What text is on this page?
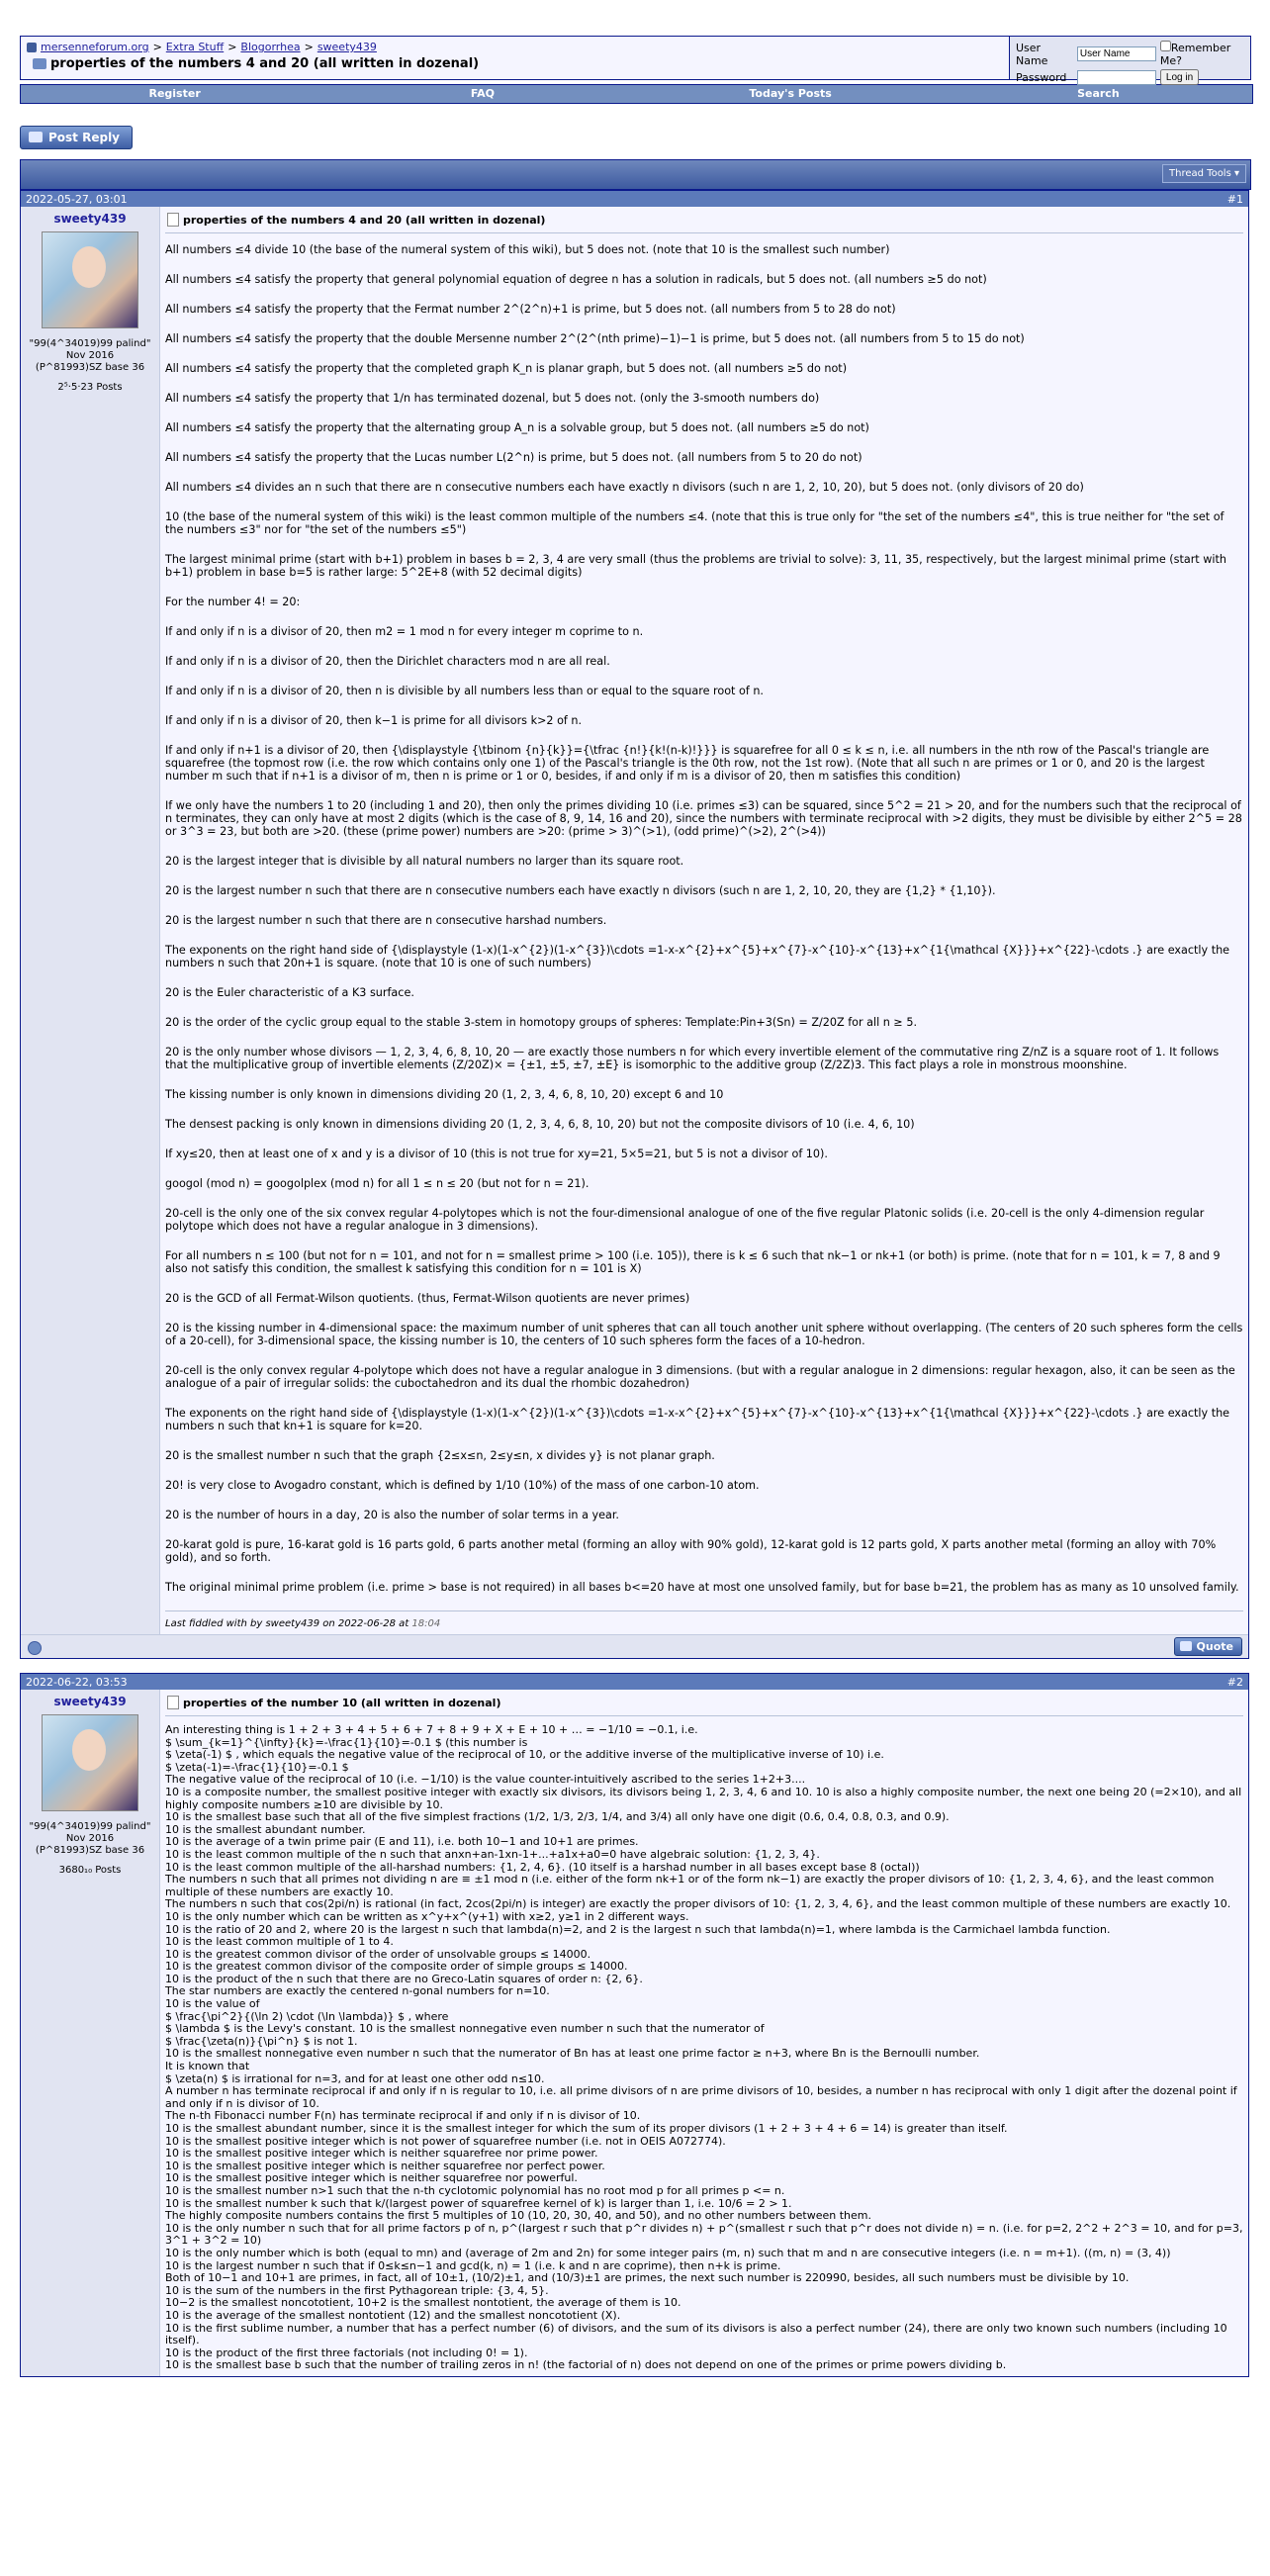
mersenneforum.org > Extra Stuff > Blogorrhea > sweety439
properties of the numbers 4 and 20 (all written in dozenal)
User Name	User Name	Remember Me?
Password		Log in
Register	FAQ	Today's Posts	Search
Post Reply
Thread Tools ▾
2022-05-27, 03:01	#1
sweety439
"99(4^34019)99 palind"
Nov 2016
(P^81993)SZ base 36
2⁵·5·23 Posts
properties of the numbers 4 and 20 (all written in dozenal)

All numbers ≤4 divide 10 (the base of the numeral system of this wiki), but 5 does not. (note that 10 is the smallest such number)

All numbers ≤4 satisfy the property that general polynomial equation of degree n has a solution in radicals, but 5 does not. (all numbers ≥5 do not)

All numbers ≤4 satisfy the property that the Fermat number 2^(2^n)+1 is prime, but 5 does not. (all numbers from 5 to 28 do not)

All numbers ≤4 satisfy the property that the double Mersenne number 2^(2^(nth prime)−1)−1 is prime, but 5 does not. (all numbers from 5 to 15 do not)

All numbers ≤4 satisfy the property that the completed graph K_n is planar graph, but 5 does not. (all numbers ≥5 do not)

All numbers ≤4 satisfy the property that 1/n has terminated dozenal, but 5 does not. (only the 3-smooth numbers do)

All numbers ≤4 satisfy the property that the alternating group A_n is a solvable group, but 5 does not. (all numbers ≥5 do not)

All numbers ≤4 satisfy the property that the Lucas number L(2^n) is prime, but 5 does not. (all numbers from 5 to 20 do not)

All numbers ≤4 divides an n such that there are n consecutive numbers each have exactly n divisors (such n are 1, 2, 10, 20), but 5 does not. (only divisors of 20 do)

10 (the base of the numeral system of this wiki) is the least common multiple of the numbers ≤4. (note that this is true only for "the set of the numbers ≤4", this is true neither for "the set of the numbers ≤3" nor for "the set of the numbers ≤5")

The largest minimal prime (start with b+1) problem in bases b = 2, 3, 4 are very small (thus the problems are trivial to solve): 3, 11, 35, respectively, but the largest minimal prime (start with b+1) problem in base b=5 is rather large: 5^2E+8 (with 52 decimal digits)

For the number 4! = 20:

If and only if n is a divisor of 20, then m2 = 1 mod n for every integer m coprime to n.

If and only if n is a divisor of 20, then the Dirichlet characters mod n are all real.

If and only if n is a divisor of 20, then n is divisible by all numbers less than or equal to the square root of n.

If and only if n is a divisor of 20, then k−1 is prime for all divisors k>2 of n.

If and only if n+1 is a divisor of 20, then {\displaystyle {\tbinom {n}{k}}={\tfrac {n!}{k!(n-k)!}}} is squarefree for all 0 ≤ k ≤ n, i.e. all numbers in the nth row of the Pascal's triangle are squarefree (the topmost row (i.e. the row which contains only one 1) of the Pascal's triangle is the 0th row, not the 1st row). (Note that all such n are primes or 1 or 0, and 20 is the largest number m such that if n+1 is a divisor of m, then n is prime or 1 or 0, besides, if and only if m is a divisor of 20, then m satisfies this condition)

If we only have the numbers 1 to 20 (including 1 and 20), then only the primes dividing 10 (i.e. primes ≤3) can be squared, since 5^2 = 21 > 20, and for the numbers such that the reciprocal of n terminates, they can only have at most 2 digits (which is the case of 8, 9, 14, 16 and 20), since the numbers with terminate reciprocal with >2 digits, they must be divisible by either 2^5 = 28 or 3^3 = 23, but both are >20. (these (prime power) numbers are >20: (prime > 3)^(>1), (odd prime)^(>2), 2^(>4))

20 is the largest integer that is divisible by all natural numbers no larger than its square root.

20 is the largest number n such that there are n consecutive numbers each have exactly n divisors (such n are 1, 2, 10, 20, they are {1,2} * {1,10}).

20 is the largest number n such that there are n consecutive harshad numbers.

The exponents on the right hand side of {\displaystyle (1-x)(1-x^{2})(1-x^{3})\cdots =1-x-x^{2}+x^{5}+x^{7}-x^{10}-x^{13}+x^{1{\mathcal {X}}}+x^{22}-\cdots .} are exactly the numbers n such that 20n+1 is square. (note that 10 is one of such numbers)

20 is the Euler characteristic of a K3 surface.

20 is the order of the cyclic group equal to the stable 3-stem in homotopy groups of spheres: Template:Pin+3(Sn) = Z/20Z for all n ≥ 5.

20 is the only number whose divisors — 1, 2, 3, 4, 6, 8, 10, 20 — are exactly those numbers n for which every invertible element of the commutative ring Z/nZ is a square root of 1. It follows that the multiplicative group of invertible elements (Z/20Z)× = {±1, ±5, ±7, ±E} is isomorphic to the additive group (Z/2Z)3. This fact plays a role in monstrous moonshine.

The kissing number is only known in dimensions dividing 20 (1, 2, 3, 4, 6, 8, 10, 20) except 6 and 10

The densest packing is only known in dimensions dividing 20 (1, 2, 3, 4, 6, 8, 10, 20) but not the composite divisors of 10 (i.e. 4, 6, 10)

If xy≤20, then at least one of x and y is a divisor of 10 (this is not true for xy=21, 5×5=21, but 5 is not a divisor of 10).

googol (mod n) = googolplex (mod n) for all 1 ≤ n ≤ 20 (but not for n = 21).

20-cell is the only one of the six convex regular 4-polytopes which is not the four-dimensional analogue of one of the five regular Platonic solids (i.e. 20-cell is the only 4-dimension regular polytope which does not have a regular analogue in 3 dimensions).

For all numbers n ≤ 100 (but not for n = 101, and not for n = smallest prime > 100 (i.e. 105)), there is k ≤ 6 such that nk−1 or nk+1 (or both) is prime. (note that for n = 101, k = 7, 8 and 9 also not satisfy this condition, the smallest k satisfying this condition for n = 101 is X)

20 is the GCD of all Fermat-Wilson quotients. (thus, Fermat-Wilson quotients are never primes)

20 is the kissing number in 4-dimensional space: the maximum number of unit spheres that can all touch another unit sphere without overlapping. (The centers of 20 such spheres form the cells of a 20-cell), for 3-dimensional space, the kissing number is 10, the centers of 10 such spheres form the faces of a 10-hedron.

20-cell is the only convex regular 4-polytope which does not have a regular analogue in 3 dimensions. (but with a regular analogue in 2 dimensions: regular hexagon, also, it can be seen as the analogue of a pair of irregular solids: the cuboctahedron and its dual the rhombic dozahedron)

The exponents on the right hand side of {\displaystyle (1-x)(1-x^{2})(1-x^{3})\cdots =1-x-x^{2}+x^{5}+x^{7}-x^{10}-x^{13}+x^{1{\mathcal {X}}}+x^{22}-\cdots .} are exactly the numbers n such that kn+1 is square for k=20.

20 is the smallest number n such that the graph {2≤x≤n, 2≤y≤n, x divides y} is not planar graph.

20! is very close to Avogadro constant, which is defined by 1/10 (10%) of the mass of one carbon-10 atom.

20 is the number of hours in a day, 20 is also the number of solar terms in a year.

20-karat gold is pure, 16-karat gold is 16 parts gold, 6 parts another metal (forming an alloy with 90% gold), 12-karat gold is 12 parts gold, X parts another metal (forming an alloy with 70% gold), and so forth.

The original minimal prime problem (i.e. prime > base is not required) in all bases b<=20 have at most one unsolved family, but for base b=21, the problem has as many as 10 unsolved family.

Last fiddled with by sweety439 on 2022-06-28 at 18:04
Quote
2022-06-22, 03:53	#2
sweety439
"99(4^34019)99 palind"
Nov 2016
(P^81993)SZ base 36
3680₁₀ Posts
properties of the number 10 (all written in dozenal)
An interesting thing is 1 + 2 + 3 + 4 + 5 + 6 + 7 + 8 + 9 + X + E + 10 + … = −1/10 = −0.1, i.e.
$ \sum_{k=1}^{\infty}{k}=-\frac{1}{10}=-0.1 $ (this number is
$ \zeta(-1) $ , which equals the negative value of the reciprocal of 10, or the additive inverse of the multiplicative inverse of 10) i.e.
$ \zeta(-1)=-\frac{1}{10}=-0.1 $
The negative value of the reciprocal of 10 (i.e. −1/10) is the value counter-intuitively ascribed to the series 1+2+3....
10 is a composite number, the smallest positive integer with exactly six divisors, its divisors being 1, 2, 3, 4, 6 and 10. 10 is also a highly composite number, the next one being 20 (=2×10), and all highly composite numbers ≥10 are divisible by 10.
10 is the smallest base such that all of the five simplest fractions (1/2, 1/3, 2/3, 1/4, and 3/4) all only have one digit (0.6, 0.4, 0.8, 0.3, and 0.9).
10 is the smallest abundant number.
10 is the average of a twin prime pair (E and 11), i.e. both 10−1 and 10+1 are primes.
10 is the least common multiple of the n such that anxn+an-1xn-1+...+a1x+a0=0 have algebraic solution: {1, 2, 3, 4}.
10 is the least common multiple of the all-harshad numbers: {1, 2, 4, 6}. (10 itself is a harshad number in all bases except base 8 (octal))
The numbers n such that all primes not dividing n are ≡ ±1 mod n (i.e. either of the form nk+1 or of the form nk−1) are exactly the proper divisors of 10: {1, 2, 3, 4, 6}, and the least common multiple of these numbers are exactly 10.
The numbers n such that cos(2pi/n) is rational (in fact, 2cos(2pi/n) is integer) are exactly the proper divisors of 10: {1, 2, 3, 4, 6}, and the least common multiple of these numbers are exactly 10.
10 is the only number which can be written as x^y+x^(y+1) with x≥2, y≥1 in 2 different ways.
10 is the ratio of 20 and 2, where 20 is the largest n such that lambda(n)=2, and 2 is the largest n such that lambda(n)=1, where lambda is the Carmichael lambda function.
10 is the least common multiple of 1 to 4.
10 is the greatest common divisor of the order of unsolvable groups ≤ 14000.
10 is the greatest common divisor of the composite order of simple groups ≤ 14000.
10 is the product of the n such that there are no Greco-Latin squares of order n: {2, 6}.
The star numbers are exactly the centered n-gonal numbers for n=10.
10 is the value of
$ \frac{\pi^2}{(\ln 2) \cdot (\ln \lambda)} $ , where
$ \lambda $ is the Levy's constant. 10 is the smallest nonnegative even number n such that the numerator of
$ \frac{\zeta(n)}{\pi^n} $ is not 1.
10 is the smallest nonnegative even number n such that the numerator of Bn has at least one prime factor ≥ n+3, where Bn is the Bernoulli number.
It is known that
$ \zeta(n) $ is irrational for n=3, and for at least one other odd n≤10.
A number n has terminate reciprocal if and only if n is regular to 10, i.e. all prime divisors of n are prime divisors of 10, besides, a number n has reciprocal with only 1 digit after the dozenal point if and only if n is divisor of 10.
The n-th Fibonacci number F(n) has terminate reciprocal if and only if n is divisor of 10.
10 is the smallest abundant number, since it is the smallest integer for which the sum of its proper divisors (1 + 2 + 3 + 4 + 6 = 14) is greater than itself.
10 is the smallest positive integer which is not power of squarefree number (i.e. not in OEIS A072774).
10 is the smallest positive integer which is neither squarefree nor prime power.
10 is the smallest positive integer which is neither squarefree nor perfect power.
10 is the smallest positive integer which is neither squarefree nor powerful.
10 is the smallest number n>1 such that the n-th cyclotomic polynomial has no root mod p for all primes p <= n.
10 is the smallest number k such that k/(largest power of squarefree kernel of k) is larger than 1, i.e. 10/6 = 2 > 1.
The highly composite numbers contains the first 5 multiples of 10 (10, 20, 30, 40, and 50), and no other numbers between them.
10 is the only number n such that for all prime factors p of n, p^(largest r such that p^r divides n) + p^(smallest r such that p^r does not divide n) = n. (i.e. for p=2, 2^2 + 2^3 = 10, and for p=3, 3^1 + 3^2 = 10)
10 is the only number which is both (equal to mn) and (average of 2m and 2n) for some integer pairs (m, n) such that m and n are consecutive integers (i.e. n = m+1). ((m, n) = (3, 4))
10 is the largest number n such that if 0≤k≤n−1 and gcd(k, n) = 1 (i.e. k and n are coprime), then n+k is prime.
Both of 10−1 and 10+1 are primes, in fact, all of 10±1, (10/2)±1, and (10/3)±1 are primes, the next such number is 220990, besides, all such numbers must be divisible by 10.
10 is the sum of the numbers in the first Pythagorean triple: {3, 4, 5}.
10−2 is the smallest noncototient, 10+2 is the smallest nontotient, the average of them is 10.
10 is the average of the smallest nontotient (12) and the smallest noncototient (X).
10 is the first sublime number, a number that has a perfect number (6) of divisors, and the sum of its divisors is also a perfect number (24), there are only two known such numbers (including 10 itself).
10 is the product of the first three factorials (not including 0! = 1).
10 is the smallest base b such that the number of trailing zeros in n! (the factorial of n) does not depend on one of the primes or prime powers dividing b.
